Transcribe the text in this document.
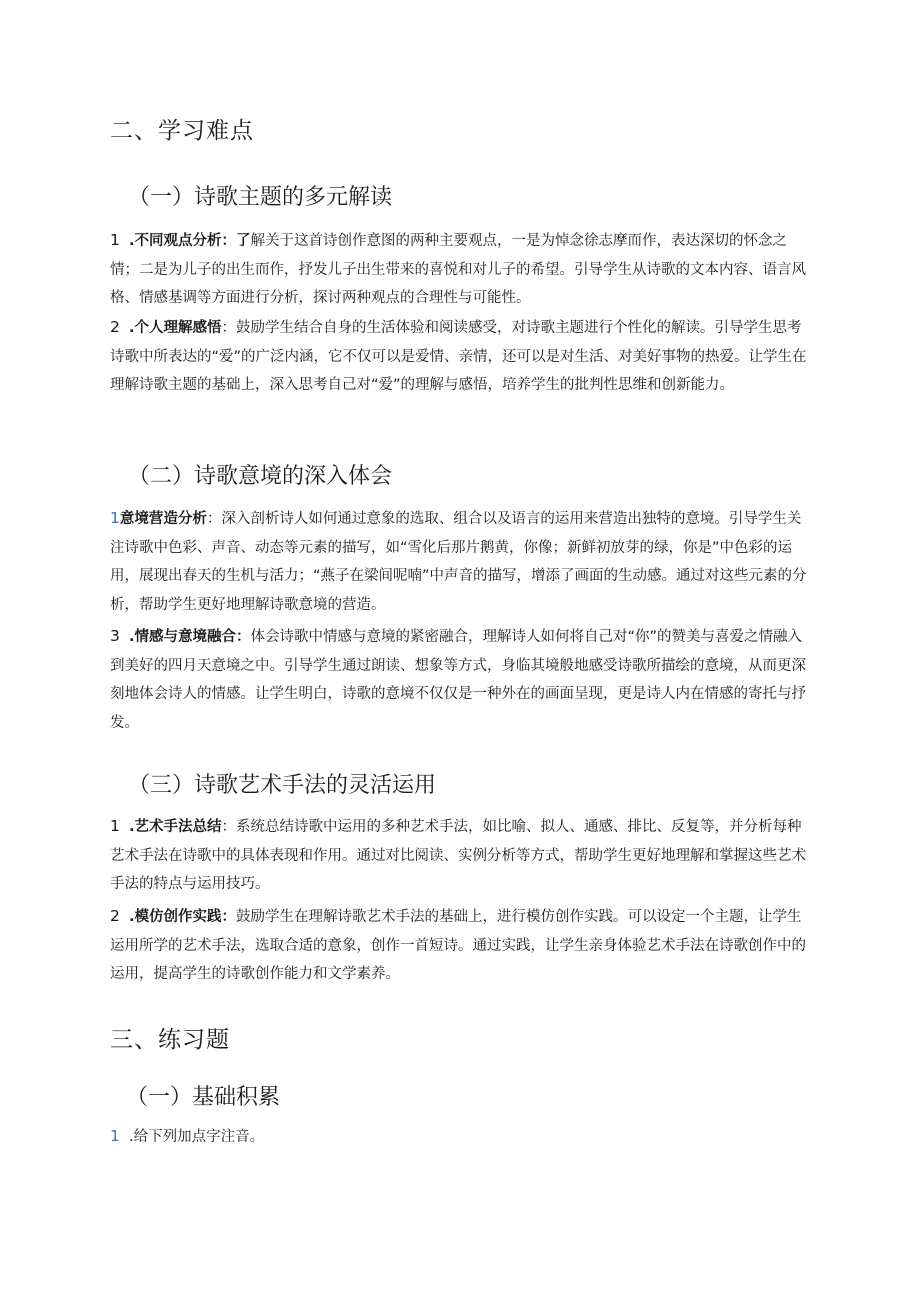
二、学习难点
（一）诗歌主题的多元解读

1 .不同观点分析：了解关于这首诗创作意图的两种主要观点，一是为悼念徐志摩而作，表达深切的怀念之情；二是为儿子的出生而作，抒发儿子出生带来的喜悦和对儿子的希望。引导学生从诗歌的文本内容、语言风格、情感基调等方面进行分析，探讨两种观点的合理性与可能性。

2 .个人理解感悟：鼓励学生结合自身的生活体验和阅读感受，对诗歌主题进行个性化的解读。引导学生思考诗歌中所表达的“爱”的广泛内涵，它不仅可以是爱情、亲情，还可以是对生活、对美好事物的热爱。让学生在理解诗歌主题的基础上，深入思考自己对“爱”的理解与感悟，培养学生的批判性思维和创新能力。

（二）诗歌意境的深入体会

1意境营造分析：深入剖析诗人如何通过意象的选取、组合以及语言的运用来营造出独特的意境。引导学生关注诗歌中色彩、声音、动态等元素的描写，如“雪化后那片鹅黄，你像；新鲜初放芽的绿，你是”中色彩的运用，展现出春天的生机与活力；“燕子在梁间呢喃”中声音的描写，增添了画面的生动感。通过对这些元素的分析，帮助学生更好地理解诗歌意境的营造。

3 .情感与意境融合：体会诗歌中情感与意境的紧密融合，理解诗人如何将自己对“你”的赞美与喜爱之情融入到美好的四月天意境之中。引导学生通过朗读、想象等方式，身临其境般地感受诗歌所描绘的意境，从而更深刻地体会诗人的情感。让学生明白，诗歌的意境不仅仅是一种外在的画面呈现，更是诗人内在情感的寄托与抒发。

（三）诗歌艺术手法的灵活运用

1 .艺术手法总结：系统总结诗歌中运用的多种艺术手法，如比喻、拟人、通感、排比、反复等，并分析每种艺术手法在诗歌中的具体表现和作用。通过对比阅读、实例分析等方式，帮助学生更好地理解和掌握这些艺术手法的特点与运用技巧。

2 .模仿创作实践：鼓励学生在理解诗歌艺术手法的基础上，进行模仿创作实践。可以设定一个主题，让学生运用所学的艺术手法，选取合适的意象，创作一首短诗。通过实践，让学生亲身体验艺术手法在诗歌创作中的运用，提高学生的诗歌创作能力和文学素养。

三、练习题
（一）基础积累

1 .给下列加点字注音。
